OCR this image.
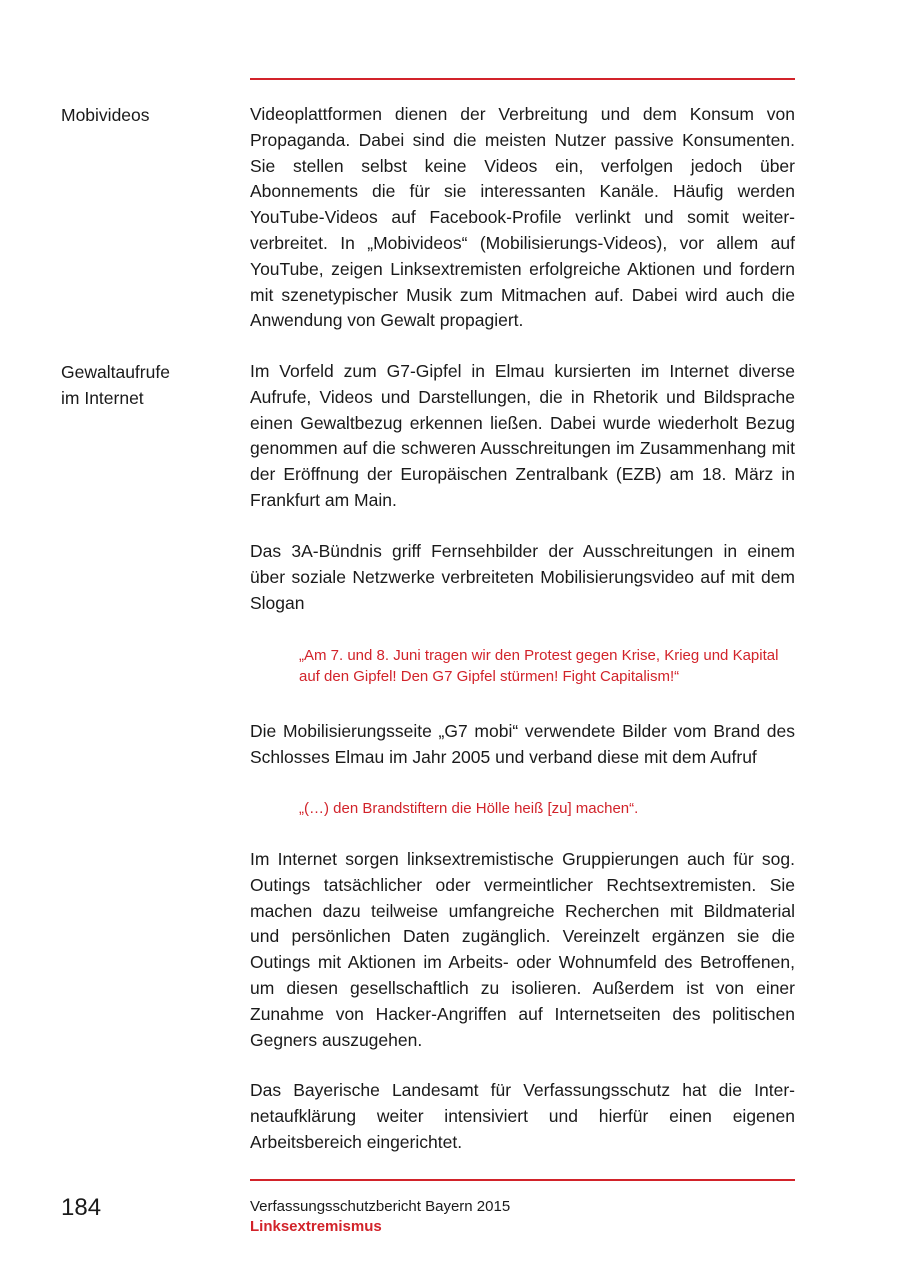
Mobivideos	Videoplattformen dienen der Verbreitung und dem Konsum von Propaganda. Dabei sind die meisten Nutzer passive Konsumenten. Sie stellen selbst keine Videos ein, verfolgen jedoch über Abonnements die für sie interessanten Kanäle. Häufig werden YouTube-Videos auf Facebook-Profile verlinkt und somit weiterverbreitet. In „Mobivideos“ (Mobilisierungs-Videos), vor allem auf YouTube, zeigen Linksextremisten erfolgreiche Aktionen und fordern mit szenetypischer Musik zum Mitmachen auf. Dabei wird auch die Anwendung von Gewalt propagiert.

Gewaltaufrufe
im Internet

Im Vorfeld zum G7-Gipfel in Elmau kursierten im Internet diverse Aufrufe, Videos und Darstellungen, die in Rhetorik und Bildsprache einen Gewaltbezug erkennen ließen. Dabei wurde wiederholt Bezug genommen auf die schweren Ausschreitungen im Zusammenhang mit der Eröffnung der Europäischen Zentralbank (EZB) am 18. März in Frankfurt am Main.

Das 3A-Bündnis griff Fernsehbilder der Ausschreitungen in einem über soziale Netzwerke verbreiteten Mobilisierungsvideo auf mit dem Slogan

„Am 7. und 8. Juni tragen wir den Protest gegen Krise, Krieg und Kapital auf den Gipfel! Den G7 Gipfel stürmen! Fight Capitalism!“

Die Mobilisierungsseite „G7 mobi“ verwendete Bilder vom Brand des Schlosses Elmau im Jahr 2005 und verband diese mit dem Aufruf

„(…) den Brandstiftern die Hölle heiß [zu] machen“.

Im Internet sorgen linksextremistische Gruppierungen auch für sog. Outings tatsächlicher oder vermeintlicher Rechtsextremisten. Sie machen dazu teilweise umfangreiche Recherchen mit Bildmaterial und persönlichen Daten zugänglich. Vereinzelt ergänzen sie die Outings mit Aktionen im Arbeits- oder Wohnumfeld des Betroffenen, um diesen gesellschaftlich zu isolieren. Außerdem ist von einer Zunahme von Hacker-Angriffen auf Internetseiten des politischen Gegners auszugehen.

Das Bayerische Landesamt für Verfassungsschutz hat die Internetaufklärung weiter intensiviert und hierfür einen eigenen Arbeitsbereich eingerichtet.

184	Verfassungsschutzbericht Bayern 2015
Linksextremismus
